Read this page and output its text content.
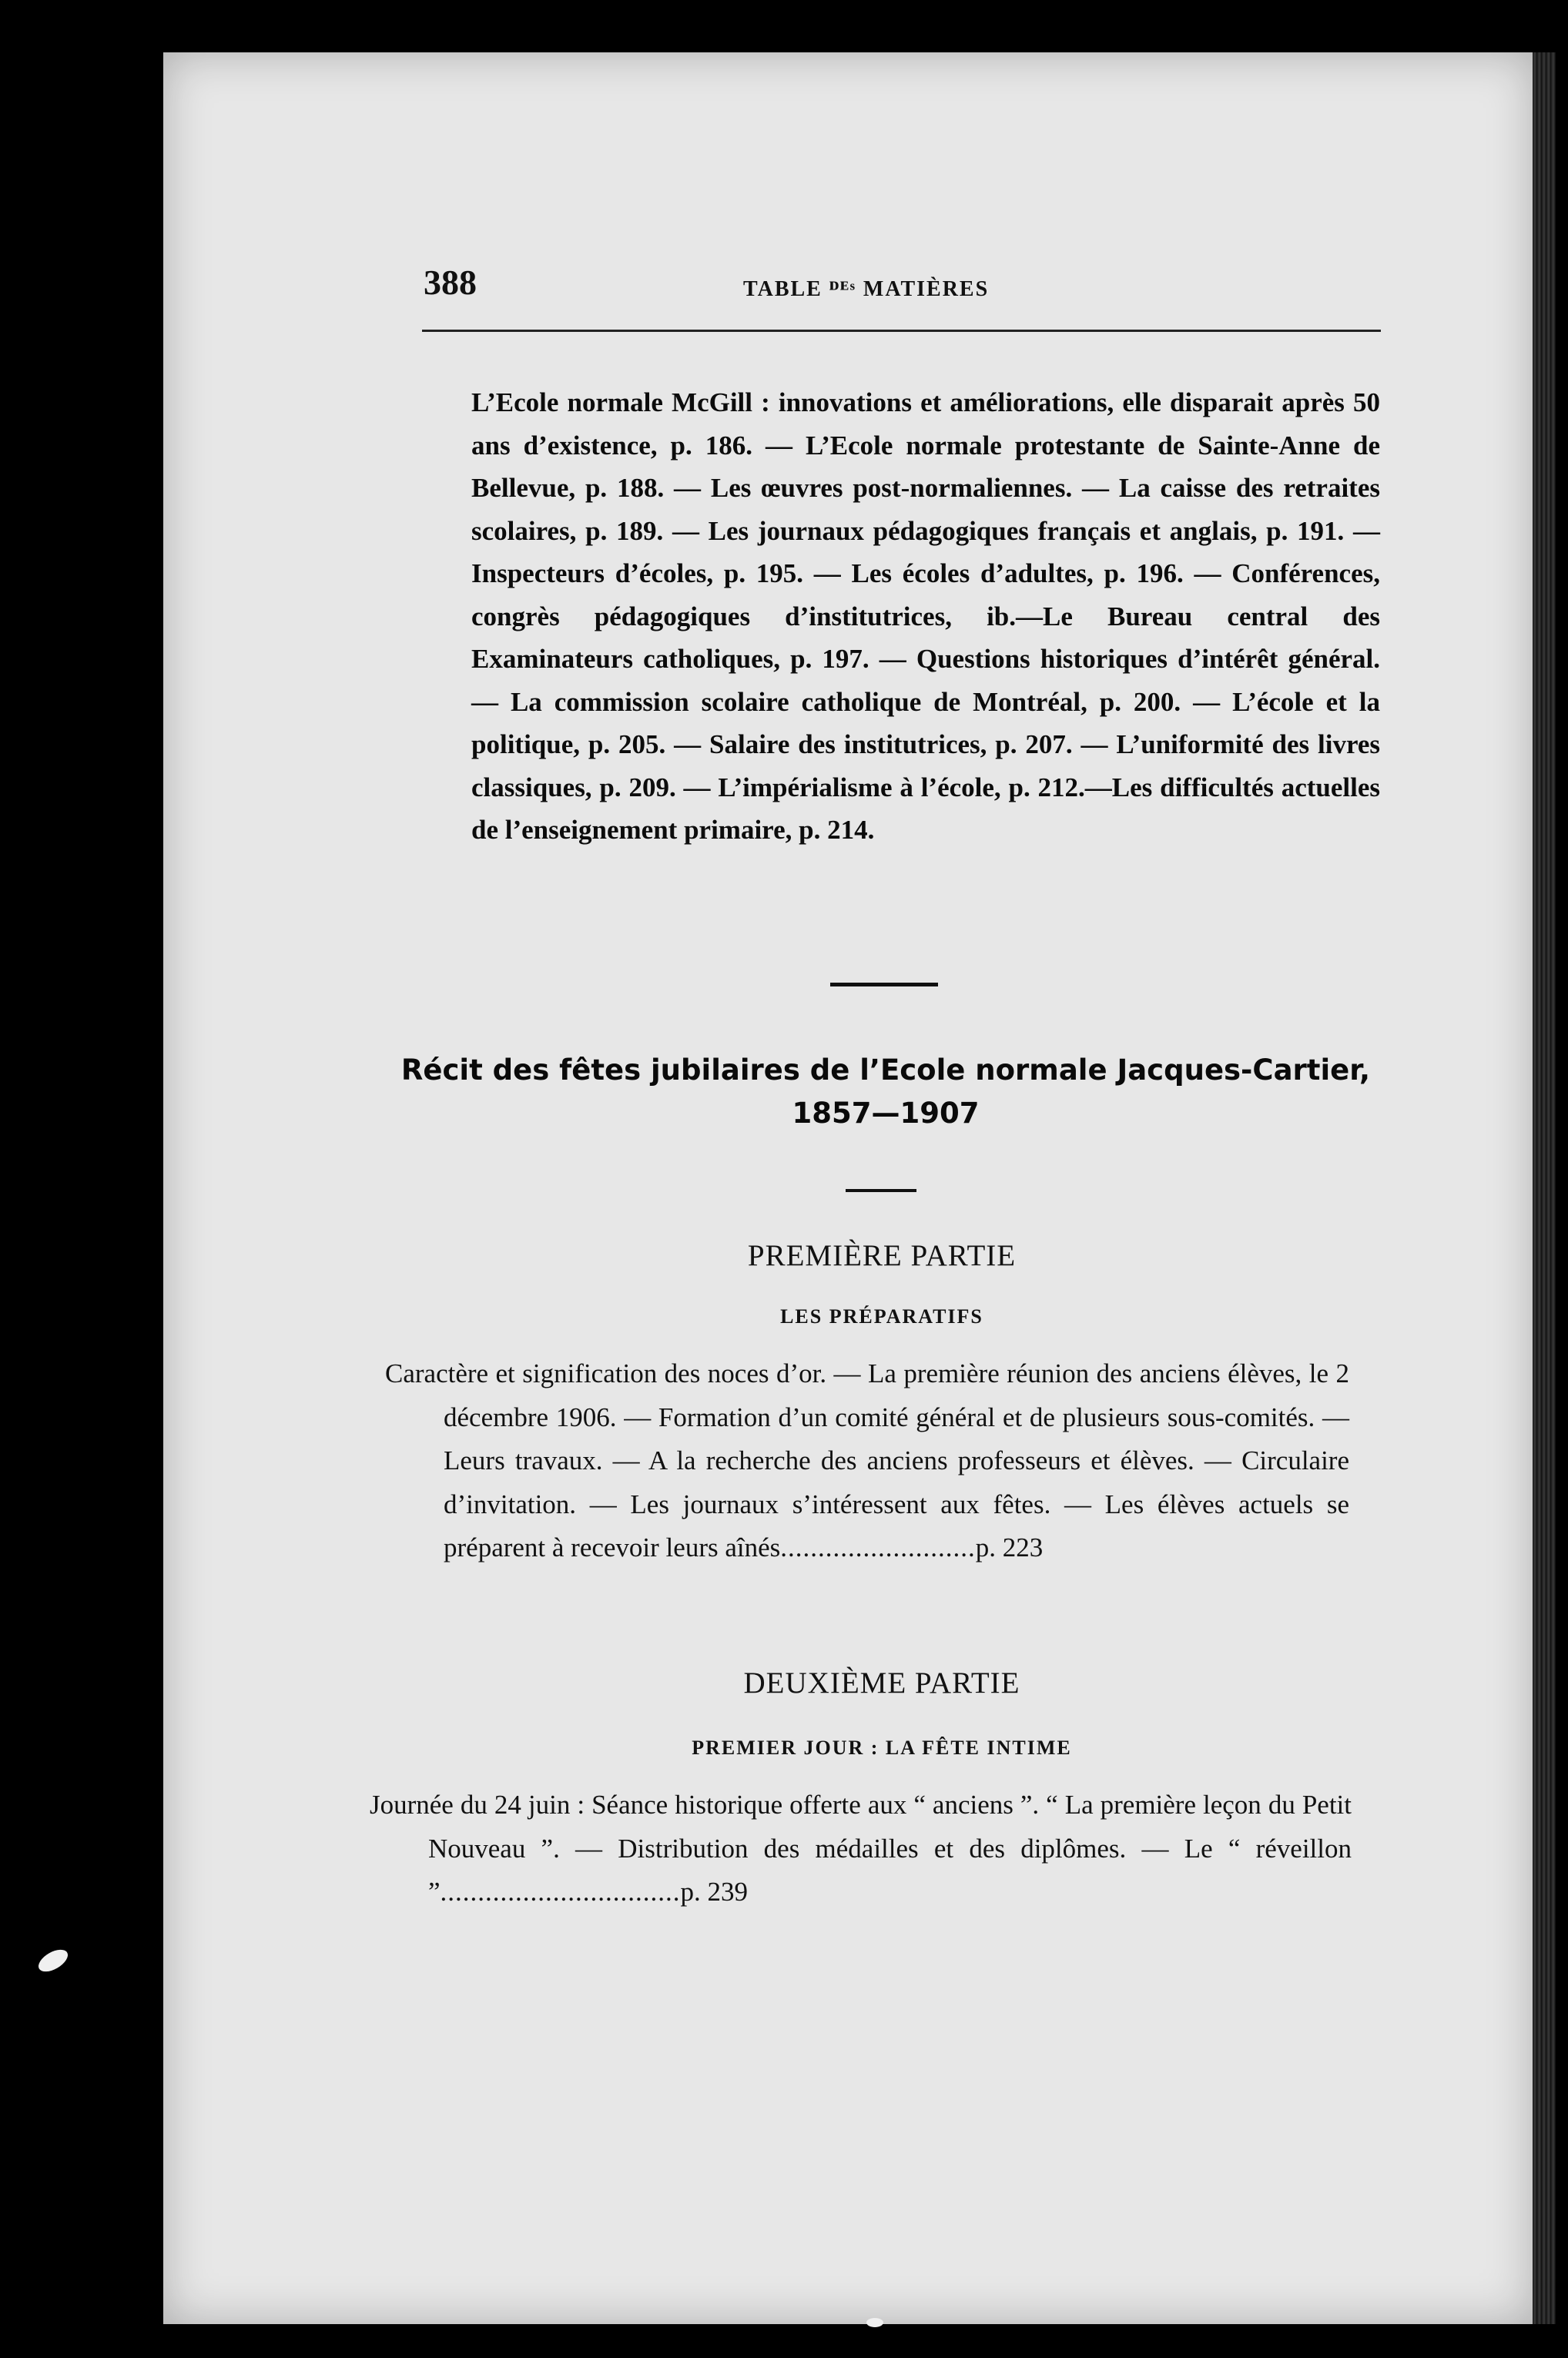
388	TABLE ᴰᴱˢ MATIÈRES

L’Ecole normale McGill : innovations et améliorations, elle disparait après 50 ans d’existence, p. 186. — L’Ecole normale protestante de Sainte-Anne de Bellevue, p. 188. — Les œuvres post-normaliennes. — La caisse des retraites scolaires, p. 189. — Les journaux pédagogiques français et anglais, p. 191. — Inspecteurs d’écoles, p. 195. — Les écoles d’adultes, p. 196. — Conférences, congrès pédagogiques d’institutrices, ib.—Le Bureau central des Examinateurs catholiques, p. 197. — Questions historiques d’intérêt général. — La commission scolaire catholique de Montréal, p. 200. — L’école et la politique, p. 205. — Salaire des institutrices, p. 207. — L’uniformité des livres classiques, p. 209. — L’impérialisme à l’école, p. 212.—Les difficultés actuelles de l’enseignement primaire, p. 214.

Récit des fêtes jubilaires de l’Ecole normale Jacques-Cartier, 1857—1907
PREMIÈRE PARTIE
LES PRÉPARATIFS

Caractère et signification des noces d’or. — La première réunion des anciens élèves, le 2 décembre 1906. — Formation d’un comité général et de plusieurs sous-comités. — Leurs travaux. — A la recherche des anciens professeurs et élèves. — Circulaire d’invitation. — Les journaux s’intéressent aux fêtes. — Les élèves actuels se préparent à recevoir leurs aînés..........................p. 223

DEUXIÈME PARTIE
PREMIER JOUR : LA FÊTE INTIME

Journée du 24 juin : Séance historique offerte aux “ anciens ”. “ La première leçon du Petit Nouveau ”. — Distribution des médailles et des diplômes. — Le “ réveillon ”................................p. 239
